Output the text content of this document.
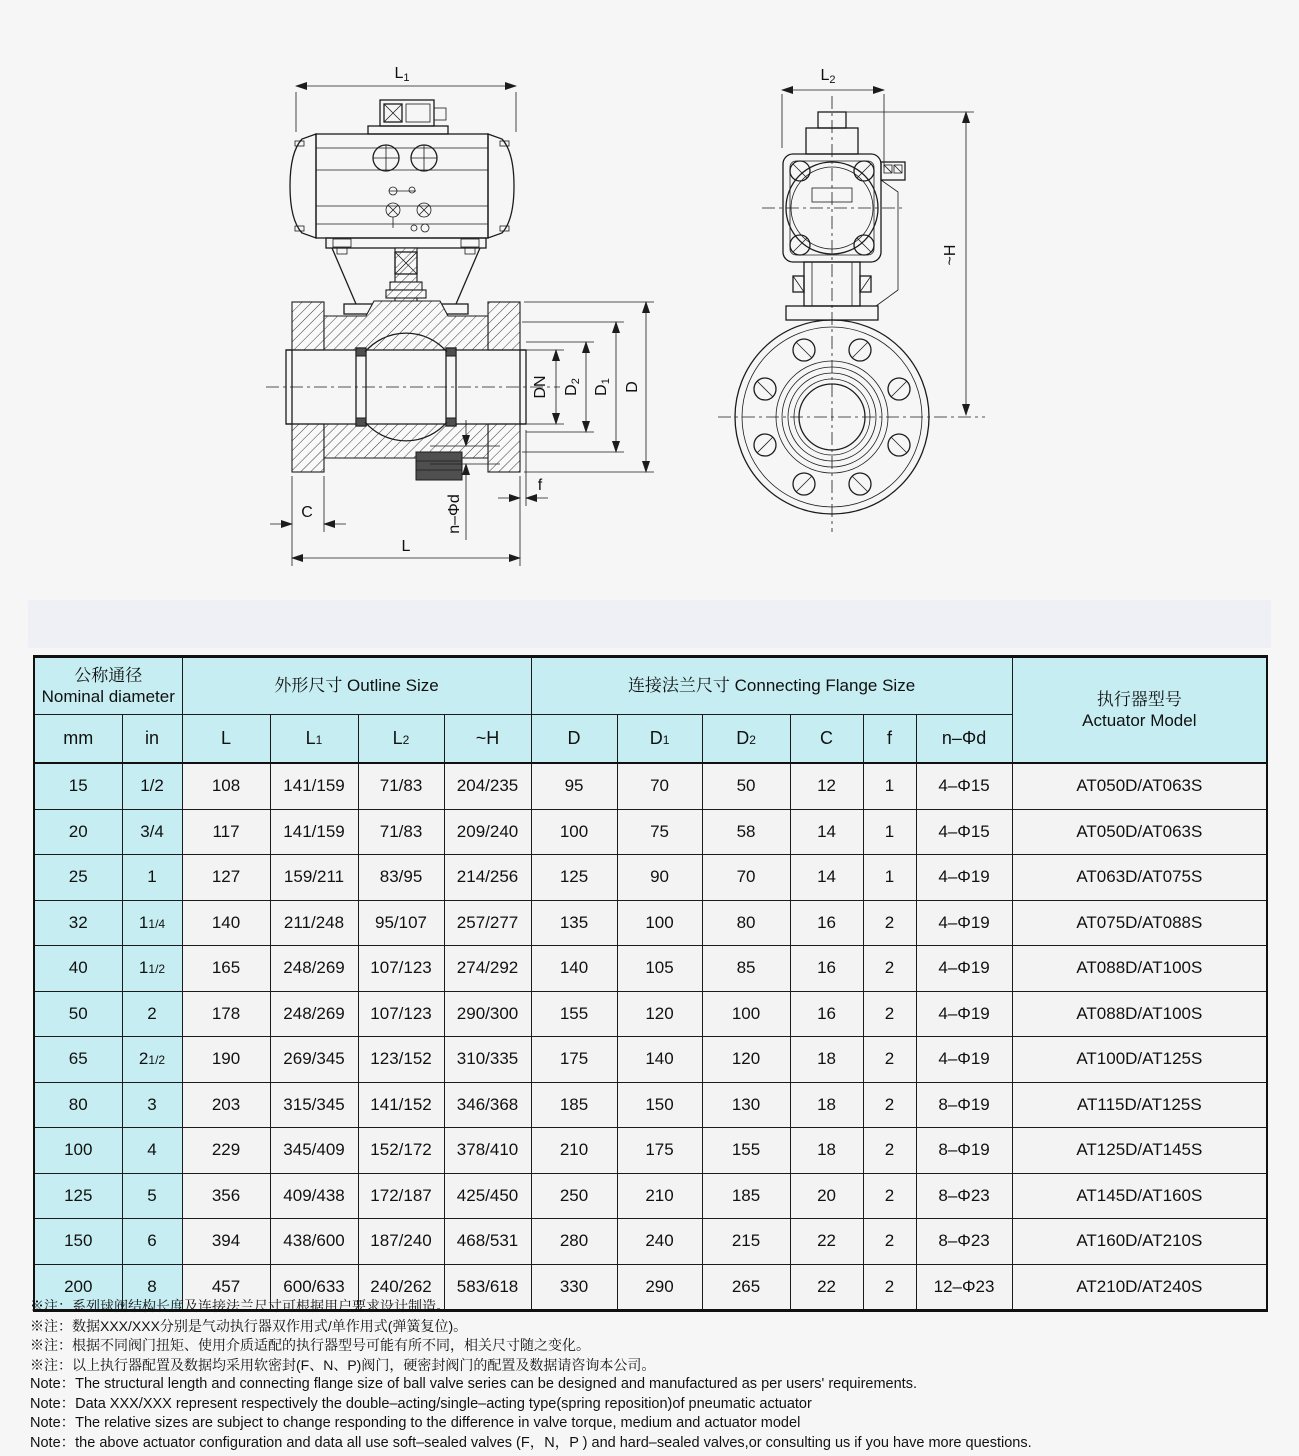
L1
DN D2
D1 D
C
L
f
n–Φd
L2
~H
公称通径
Nominal diameter
	外形尺寸 Outline Size	连接法兰尺寸 Connecting Flange Size	
执行器型号
Actuator Model

mm	in	L	L1	L2	~H	D	D1	D2	C	f	n–Φd	
15	1/2	108	141/159	71/83	204/235	95	70	50	12	1	4–Φ15	AT050D/AT063S
20	3/4	117	141/159	71/83	209/240	100	75	58	14	1	4–Φ15	AT050D/AT063S
25	1	127	159/211	83/95	214/256	125	90	70	14	1	4–Φ19	AT063D/AT075S
32	11/4	140	211/248	95/107	257/277	135	100	80	16	2	4–Φ19	AT075D/AT088S
40	11/2	165	248/269	107/123	274/292	140	105	85	16	2	4–Φ19	AT088D/AT100S
50	2	178	248/269	107/123	290/300	155	120	100	16	2	4–Φ19	AT088D/AT100S
65	21/2	190	269/345	123/152	310/335	175	140	120	18	2	4–Φ19	AT100D/AT125S
80	3	203	315/345	141/152	346/368	185	150	130	18	2	8–Φ19	AT115D/AT125S
100	4	229	345/409	152/172	378/410	210	175	155	18	2	8–Φ19	AT125D/AT145S
125	5	356	409/438	172/187	425/450	250	210	185	20	2	8–Φ23	AT145D/AT160S
150	6	394	438/600	187/240	468/531	280	240	215	22	2	8–Φ23	AT160D/AT210S
200	8	457	600/633	240/262	583/618	330	290	265	22	2	12–Φ23	AT210D/AT240S
※注：系列球阀结构长度及连接法兰尺寸可根据用户要求设计制造。
※注：数据XXX/XXX分别是气动执行器双作用式/单作用式(弹簧复位)。
※注：根据不同阀门扭矩、使用介质适配的执行器型号可能有所不同，相关尺寸随之变化。
※注：以上执行器配置及数据均采用软密封(F、N、P)阀门，硬密封阀门的配置及数据请咨询本公司。
Note：The structural length and connecting flange size of ball valve series can be designed and manufactured as per users' requirements.
Note：Data XXX/XXX represent respectively the double–acting/single–acting type(spring reposition)of pneumatic actuator
Note：The relative sizes are subject to change responding to the difference in valve torque, medium and actuator model
Note：the above actuator configuration and data all use soft–sealed valves (F，N，P ) and hard–sealed valves,or consulting us if you have more questions.
